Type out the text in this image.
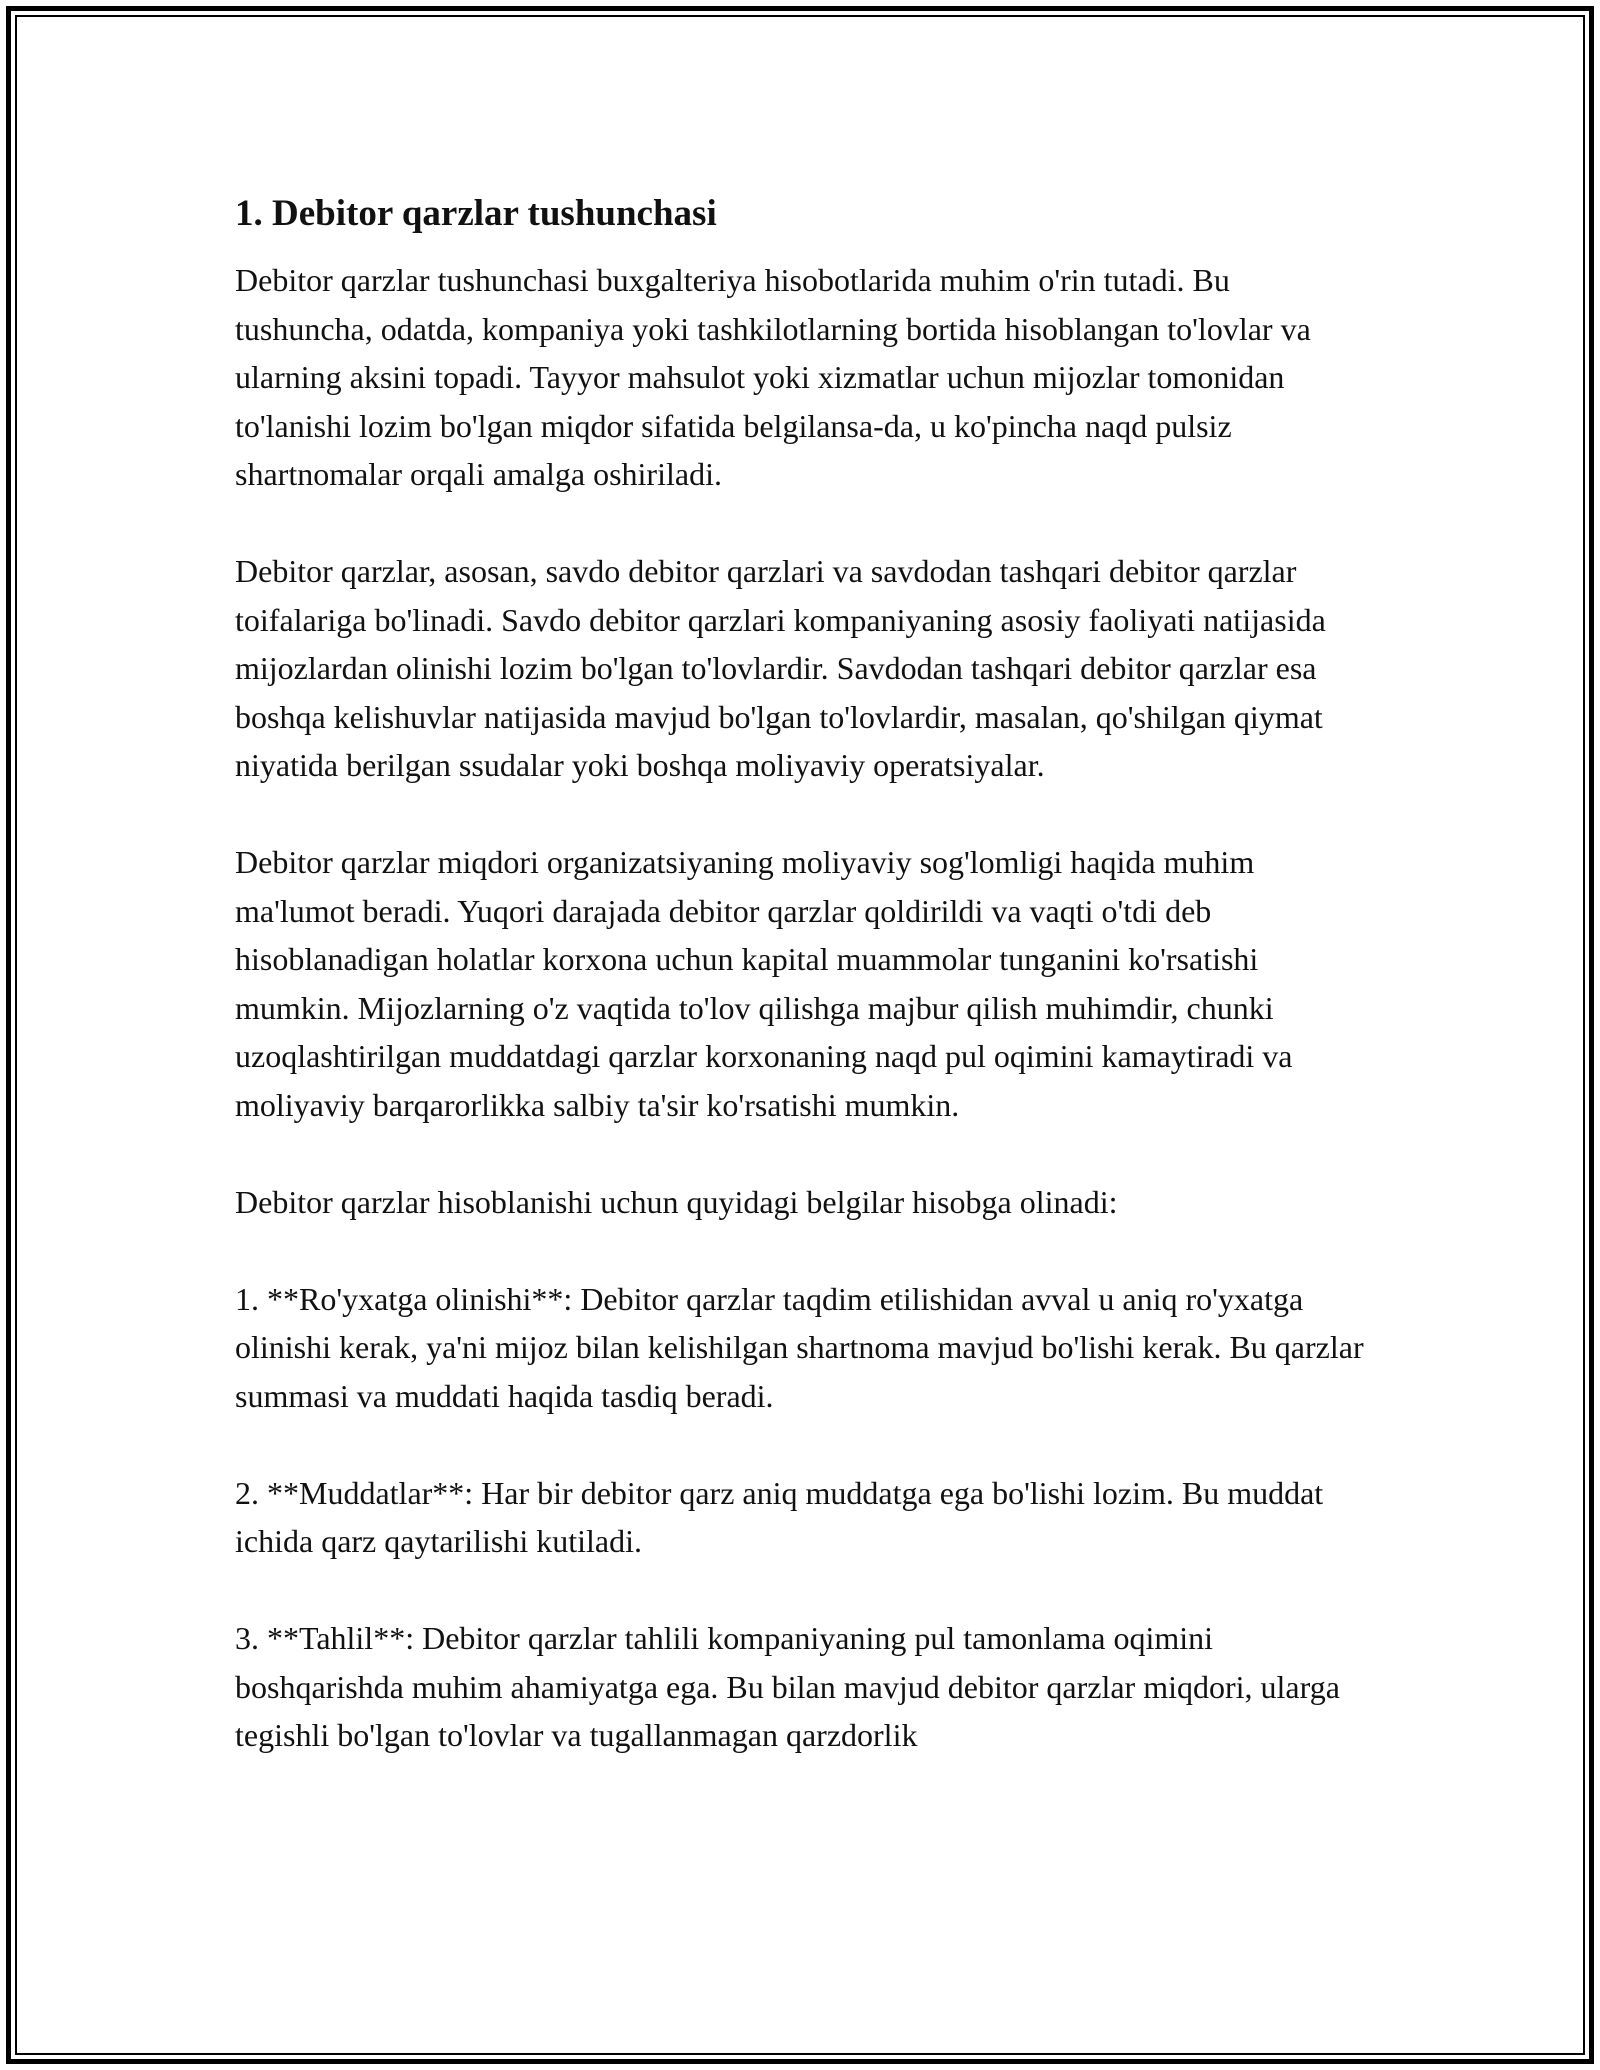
1. Debitor qarzlar tushunchasi
Debitor qarzlar tushunchasi buxgalteriya hisobotlarida muhim o'rin tutadi. Bu tushuncha, odatda, kompaniya yoki tashkilotlarning bortida hisoblangan to'lovlar va ularning aksini topadi. Tayyor mahsulot yoki xizmatlar uchun mijozlar tomonidan to'lanishi lozim bo'lgan miqdor sifatida belgilansa-da, u ko'pincha naqd pulsiz shartnomalar orqali amalga oshiriladi.
Debitor qarzlar, asosan, savdo debitor qarzlari va savdodan tashqari debitor qarzlar toifalariga bo'linadi. Savdo debitor qarzlari kompaniyaning asosiy faoliyati natijasida mijozlardan olinishi lozim bo'lgan to'lovlardir. Savdodan tashqari debitor qarzlar esa boshqa kelishuvlar natijasida mavjud bo'lgan to'lovlardir, masalan, qo'shilgan qiymat niyatida berilgan ssudalar yoki boshqa moliyaviy operatsiyalar.
Debitor qarzlar miqdori organizatsiyaning moliyaviy sog'lomligi haqida muhim ma'lumot beradi. Yuqori darajada debitor qarzlar qoldirildi va vaqti o'tdi deb hisoblanadigan holatlar korxona uchun kapital muammolar tunganini ko'rsatishi mumkin. Mijozlarning o'z vaqtida to'lov qilishga majbur qilish muhimdir, chunki uzoqlashtirilgan muddatdagi qarzlar korxonaning naqd pul oqimini kamaytiradi va moliyaviy barqarorlikka salbiy ta'sir ko'rsatishi mumkin.
Debitor qarzlar hisoblanishi uchun quyidagi belgilar hisobga olinadi:
1. **Ro'yxatga olinishi**: Debitor qarzlar taqdim etilishidan avval u aniq ro'yxatga olinishi kerak, ya'ni mijoz bilan kelishilgan shartnoma mavjud bo'lishi kerak. Bu qarzlar summasi va muddati haqida tasdiq beradi.
2. **Muddatlar**: Har bir debitor qarz aniq muddatga ega bo'lishi lozim. Bu muddat ichida qarz qaytarilishi kutiladi.
3. **Tahlil**: Debitor qarzlar tahlili kompaniyaning pul tamonlama oqimini boshqarishda muhim ahamiyatga ega. Bu bilan mavjud debitor qarzlar miqdori, ularga tegishli bo'lgan to'lovlar va tugallanmagan qarzdorlik
